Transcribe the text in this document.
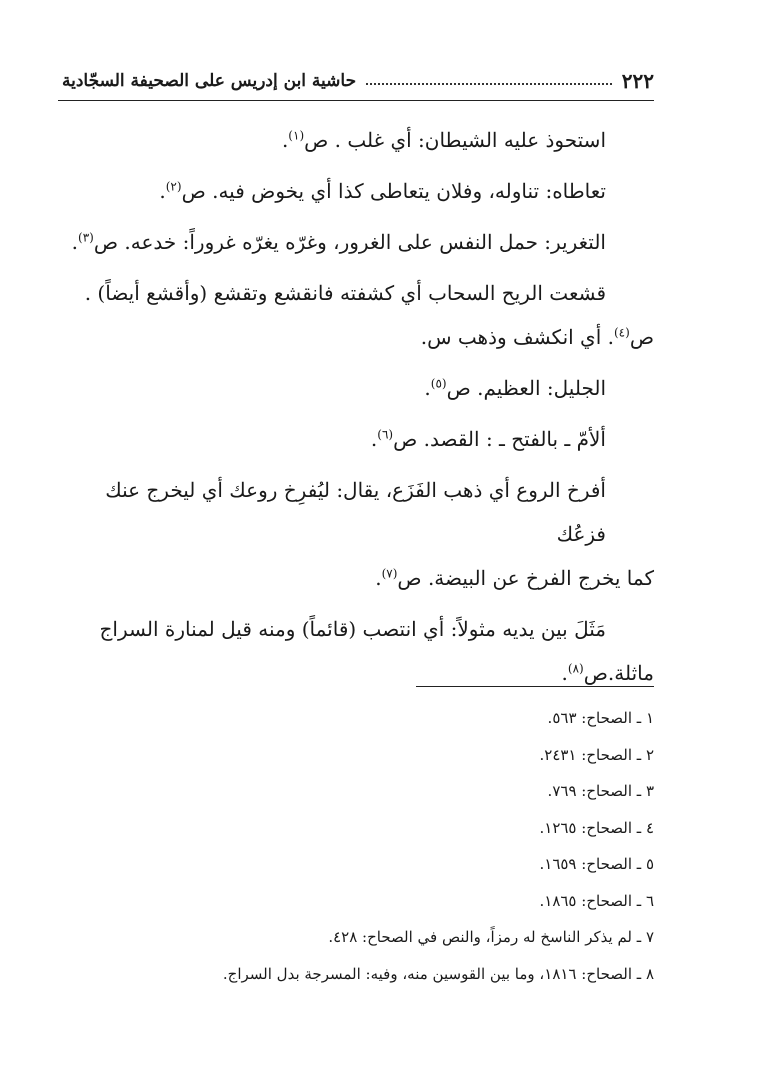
٢٢٢
حاشية ابن إدريس على الصحيفة السجّادية

استحوذ عليه الشيطان: أي غلب . ص$^{(١)}$.

تعاطاه: تناوله، وفلان يتعاطى كذا أي يخوض فيه. ص$^{(٢)}$.

التغرير: حمل النفس على الغرور، وغرّه يغرّه غروراً: خدعه. ص$^{(٣)}$.

قشعت الريح السحاب أي كشفته فانقشع وتقشع (وأقشع أيضاً) .

ص$^{(٤)}$. أي انكشف وذهب س.

الجليل: العظيم. ص$^{(٥)}$.

ألأمّ ـ بالفتح ـ : القصد. ص$^{(٦)}$.

أفرخ الروع أي ذهب الفَزَع، يقال: ليُفرِخ روعك أي ليخرج عنك فزعُك

كما يخرج الفرخ عن البيضة. ص$^{(٧)}$.

مَثَلَ بين يديه مثولاً: أي انتصب (قائماً) ومنه قيل لمنارة السراج

ماثلة.ص$^{(٨)}$.

١ ـ الصحاح: ٥٦٣.
٢ ـ الصحاح: ٢٤٣١.
٣ ـ الصحاح: ٧٦٩.
٤ ـ الصحاح: ١٢٦٥.
٥ ـ الصحاح: ١٦٥٩.
٦ ـ الصحاح: ١٨٦٥.
٧ ـ لم يذكر الناسخ له رمزاً، والنص في الصحاح: ٤٢٨.
٨ ـ الصحاح: ١٨١٦، وما بين القوسين منه، وفيه: المسرجة بدل السراج.
